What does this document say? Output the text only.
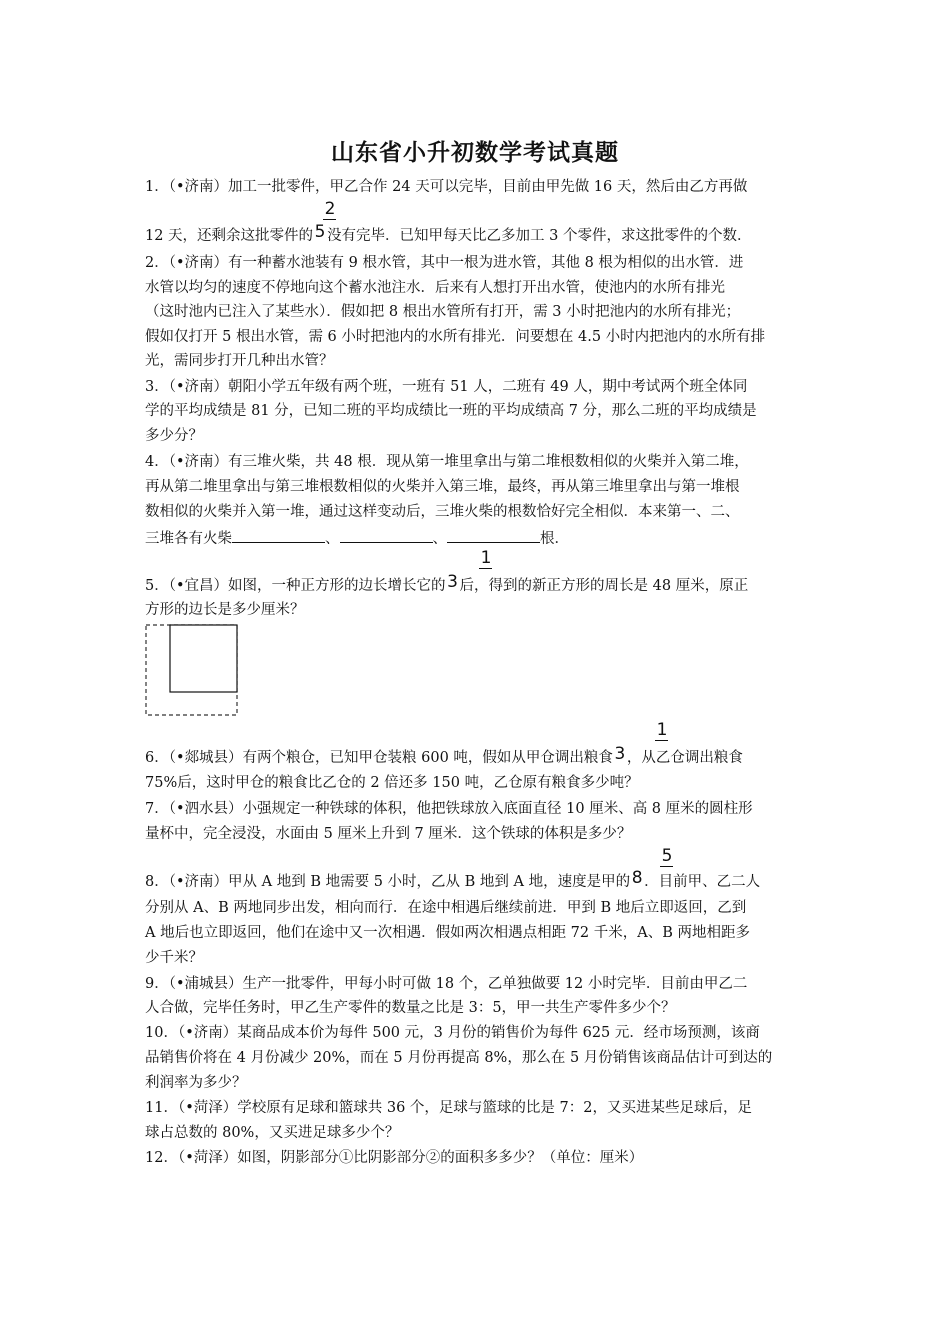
山东省小升初数学考试真题
1．（•济南）加工一批零件，甲乙合作 24 天可以完毕，目前由甲先做 16 天，然后由乙方再做
2
12 天，还剩余这批零件的5 没有完毕．已知甲每天比乙多加工 3 个零件，求这批零件的个数．
2．（•济南）有一种蓄水池装有 9 根水管，其中一根为进水管，其他 8 根为相似的出水管．进
水管以均匀的速度不停地向这个蓄水池注水．后来有人想打开出水管，使池内的水所有排光
（这时池内已注入了某些水）．假如把 8 根出水管所有打开，需 3 小时把池内的水所有排光；
假如仅打开 5 根出水管，需 6 小时把池内的水所有排光．问要想在 4.5 小时内把池内的水所有排
光，需同步打开几种出水管？
3．（•济南）朝阳小学五年级有两个班，一班有 51 人，二班有 49 人，期中考试两个班全体同
学的平均成绩是 81 分，已知二班的平均成绩比一班的平均成绩高 7 分，那么二班的平均成绩是
多少分？
4．（•济南）有三堆火柴，共 48 根．现从第一堆里拿出与第二堆根数相似的火柴并入第二堆，
再从第二堆里拿出与第三堆根数相似的火柴并入第三堆，最终，再从第三堆里拿出与第一堆根
数相似的火柴并入第一堆，通过这样变动后，三堆火柴的根数恰好完全相似．本来第一、二、
三堆各有火柴	、	、	根．
1
5．（•宜昌）如图，一种正方形的边长增长它的3 后，得到的新正方形的周长是 48 厘米，原正
方形的边长是多少厘米？
1
6．（•郯城县）有两个粮仓，已知甲仓装粮 600 吨，假如从甲仓调出粮食3 ，从乙仓调出粮食
75%后，这时甲仓的粮食比乙仓的 2 倍还多 150 吨，乙仓原有粮食多少吨？
7．（•泗水县）小强规定一种铁球的体积，他把铁球放入底面直径 10 厘米、高 8 厘米的圆柱形
量杯中，完全浸没，水面由 5 厘米上升到 7 厘米．这个铁球的体积是多少？
5
8．（•济南）甲从 A 地到 B 地需要 5 小时，乙从 B 地到 A 地，速度是甲的8 ．目前甲、乙二人
分别从 A、B 两地同步出发，相向而行．在途中相遇后继续前进．甲到 B 地后立即返回，乙到
A 地后也立即返回，他们在途中又一次相遇．假如两次相遇点相距 72 千米，A、B 两地相距多
少千米？
9．（•浦城县）生产一批零件，甲每小时可做 18 个，乙单独做要 12 小时完毕．目前由甲乙二
人合做，完毕任务时，甲乙生产零件的数量之比是 3：5，甲一共生产零件多少个？
10．（•济南）某商品成本价为每件 500 元，3 月份的销售价为每件 625 元．经市场预测，该商
品销售价将在 4 月份减少 20%，而在 5 月份再提高 8%，那么在 5 月份销售该商品估计可到达的
利润率为多少？
11．（•菏泽）学校原有足球和篮球共 36 个，足球与篮球的比是 7：2，又买进某些足球后，足
球占总数的 80%，又买进足球多少个？
12．（•菏泽）如图，阴影部分①比阴影部分②的面积多多少？（单位：厘米）
